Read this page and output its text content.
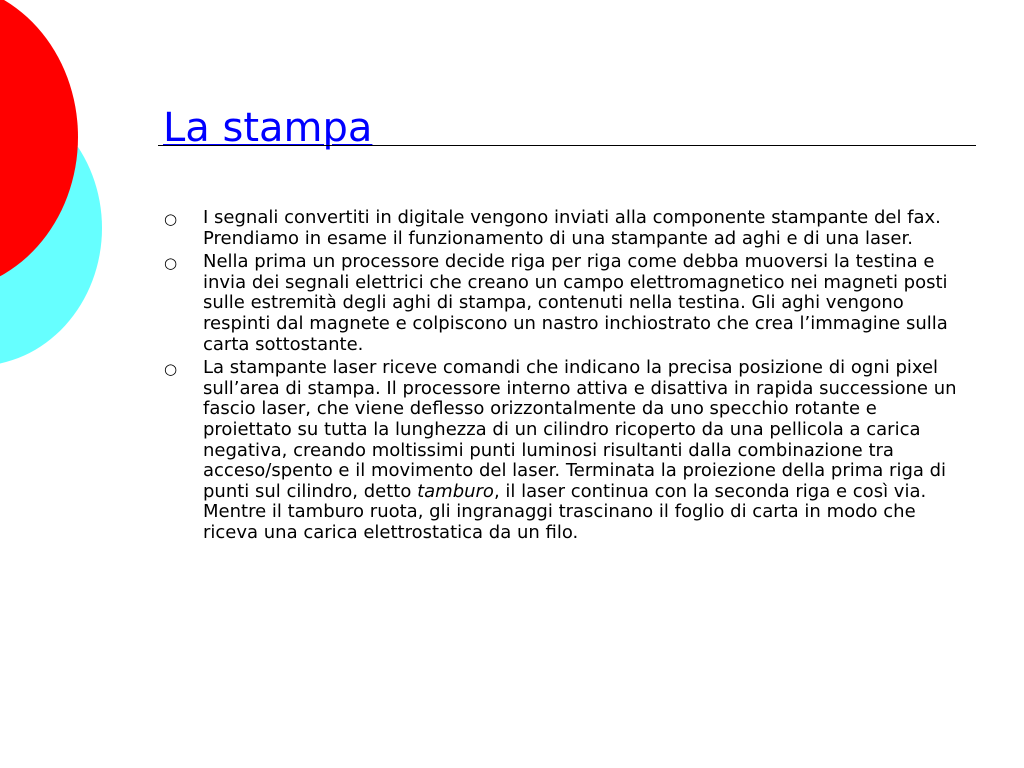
La stampa
○ I segnali convertiti in digitale vengono inviati alla componente stampante del fax. Prendiamo in esame il funzionamento di una stampante ad aghi e di una laser.
○ Nella prima un processore decide riga per riga come debba muoversi la testina e invia dei segnali elettrici che creano un campo elettromagnetico nei magneti posti sulle estremità degli aghi di stampa, contenuti nella testina. Gli aghi vengono respinti dal magnete e colpiscono un nastro inchiostrato che crea l’immagine sulla carta sottostante.
○ La stampante laser riceve comandi che indicano la precisa posizione di ogni pixel sull’area di stampa. Il processore interno attiva e disattiva in rapida successione un fascio laser, che viene deflesso orizzontalmente da uno specchio rotante e proiettato su tutta la lunghezza di un cilindro ricoperto da una pellicola a carica negativa, creando moltissimi punti luminosi risultanti dalla combinazione tra acceso/spento e il movimento del laser. Terminata la proiezione della prima riga di punti sul cilindro, detto tamburo, il laser continua con la seconda riga e così via. Mentre il tamburo ruota, gli ingranaggi trascinano il foglio di carta in modo che riceva una carica elettrostatica da un filo.
